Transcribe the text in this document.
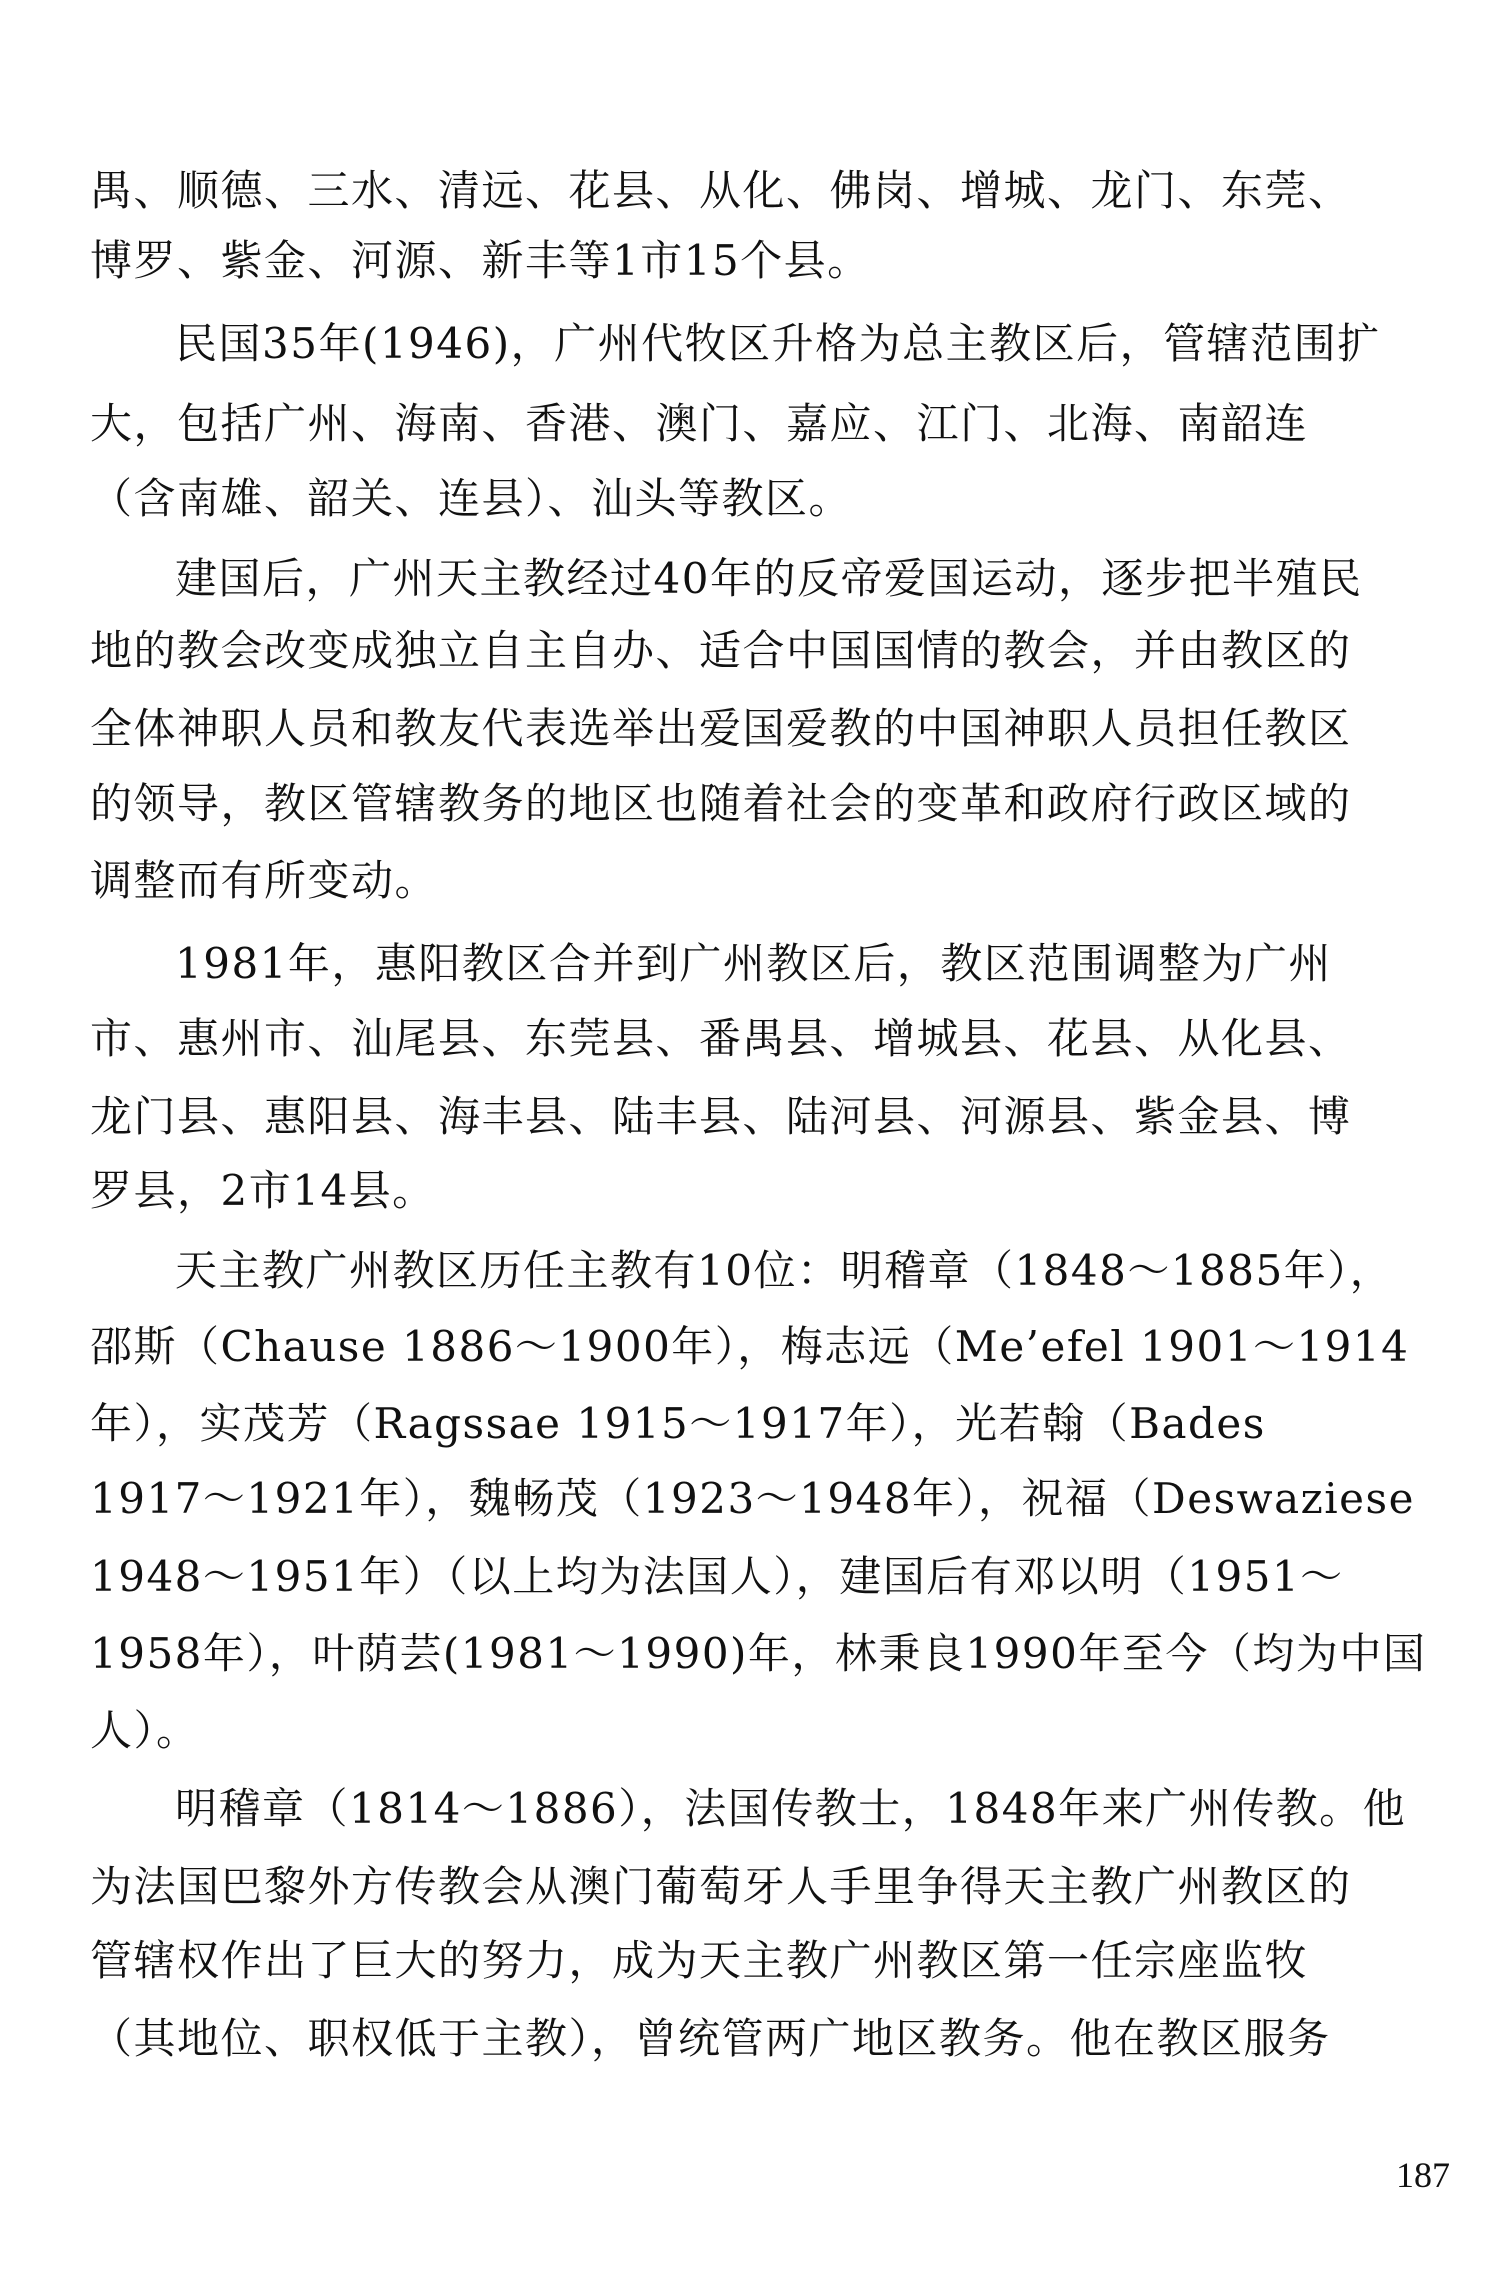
禺、顺德、三水、清远、花县、从化、佛岗、增城、龙门、东莞、
博罗、紫金、河源、新丰等1市15个县。
民国35年(1946)，广州代牧区升格为总主教区后，管辖范围扩
大，包括广州、海南、香港、澳门、嘉应、江门、北海、南韶连
（含南雄、韶关、连县）、汕头等教区。
建国后，广州天主教经过40年的反帝爱国运动，逐步把半殖民
地的教会改变成独立自主自办、适合中国国情的教会，并由教区的
全体神职人员和教友代表选举出爱国爱教的中国神职人员担任教区
的领导，教区管辖教务的地区也随着社会的变革和政府行政区域的
调整而有所变动。
1981年，惠阳教区合并到广州教区后，教区范围调整为广州
市、惠州市、汕尾县、东莞县、番禺县、增城县、花县、从化县、
龙门县、惠阳县、海丰县、陆丰县、陆河县、河源县、紫金县、博
罗县，2市14县。
天主教广州教区历任主教有10位：明稽章（1848～1885年），
邵斯（Chause 1886～1900年），梅志远（Me’efel 1901～1914
年），实茂芳（Ragssae 1915～1917年），光若翰（Bades
1917～1921年），魏畅茂（1923～1948年），祝福（Deswaziese
1948～1951年）（以上均为法国人），建国后有邓以明（1951～
1958年），叶荫芸(1981～1990)年，林秉良1990年至今（均为中国
人）。
明稽章（1814～1886），法国传教士，1848年来广州传教。他
为法国巴黎外方传教会从澳门葡萄牙人手里争得天主教广州教区的
管辖权作出了巨大的努力，成为天主教广州教区第一任宗座监牧
（其地位、职权低于主教），曾统管两广地区教务。他在教区服务
187
